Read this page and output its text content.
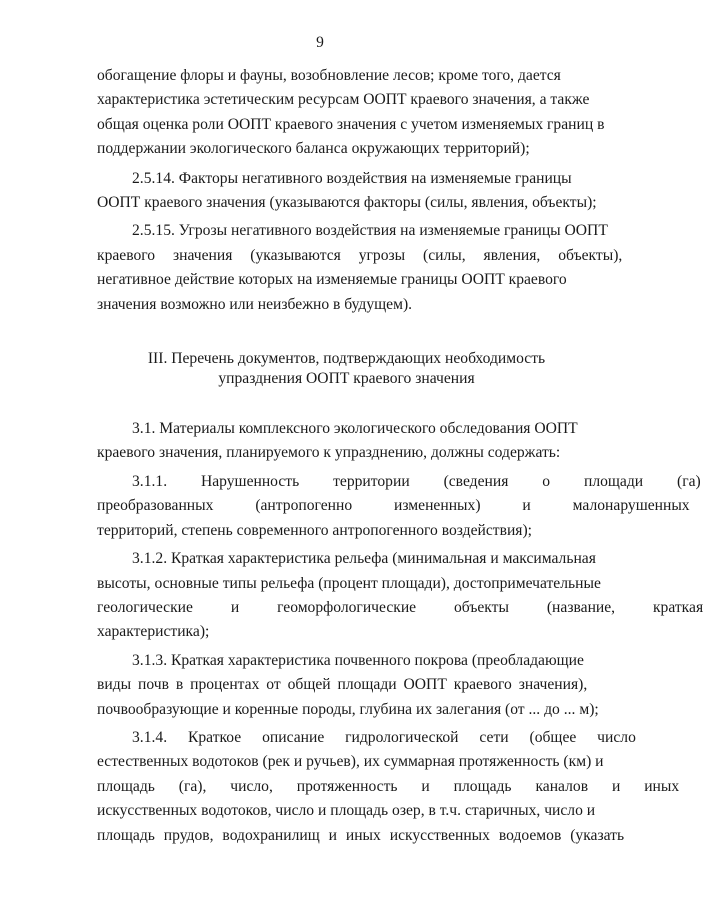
9
обогащение флоры и фауны, возобновление лесов; кроме того, дается
характеристика эстетическим ресурсам ООПТ краевого значения, а также
общая оценка роли ООПТ краевого значения с учетом изменяемых границ в
поддержании экологического баланса окружающих территорий);
2.5.14. Факторы негативного воздействия на изменяемые границы
ООПТ краевого значения (указываются факторы (силы, явления, объекты);
2.5.15. Угрозы негативного воздействия на изменяемые границы ООПТ
краевого значения (указываются угрозы (силы, явления, объекты),
негативное действие которых на изменяемые границы ООПТ краевого
значения возможно или неизбежно в будущем).
III. Перечень документов, подтверждающих необходимость
упразднения ООПТ краевого значения
3.1. Материалы комплексного экологического обследования ООПТ
краевого значения, планируемого к упразднению, должны содержать:
3.1.1. Нарушенность территории (сведения о площади (га)
преобразованных (антропогенно измененных) и малонарушенных
территорий, степень современного антропогенного воздействия);
3.1.2. Краткая характеристика рельефа (минимальная и максимальная
высоты, основные типы рельефа (процент площади), достопримечательные
геологические и геоморфологические объекты (название, краткая
характеристика);
3.1.3. Краткая характеристика почвенного покрова (преобладающие
виды почв в процентах от общей площади ООПТ краевого значения),
почвообразующие и коренные породы, глубина их залегания (от ... до ... м);
3.1.4. Краткое описание гидрологической сети (общее число
естественных водотоков (рек и ручьев), их суммарная протяженность (км) и
площадь (га), число, протяженность и площадь каналов и иных
искусственных водотоков, число и площадь озер, в т.ч. старичных, число и
площадь прудов, водохранилищ и иных искусственных водоемов (указать
